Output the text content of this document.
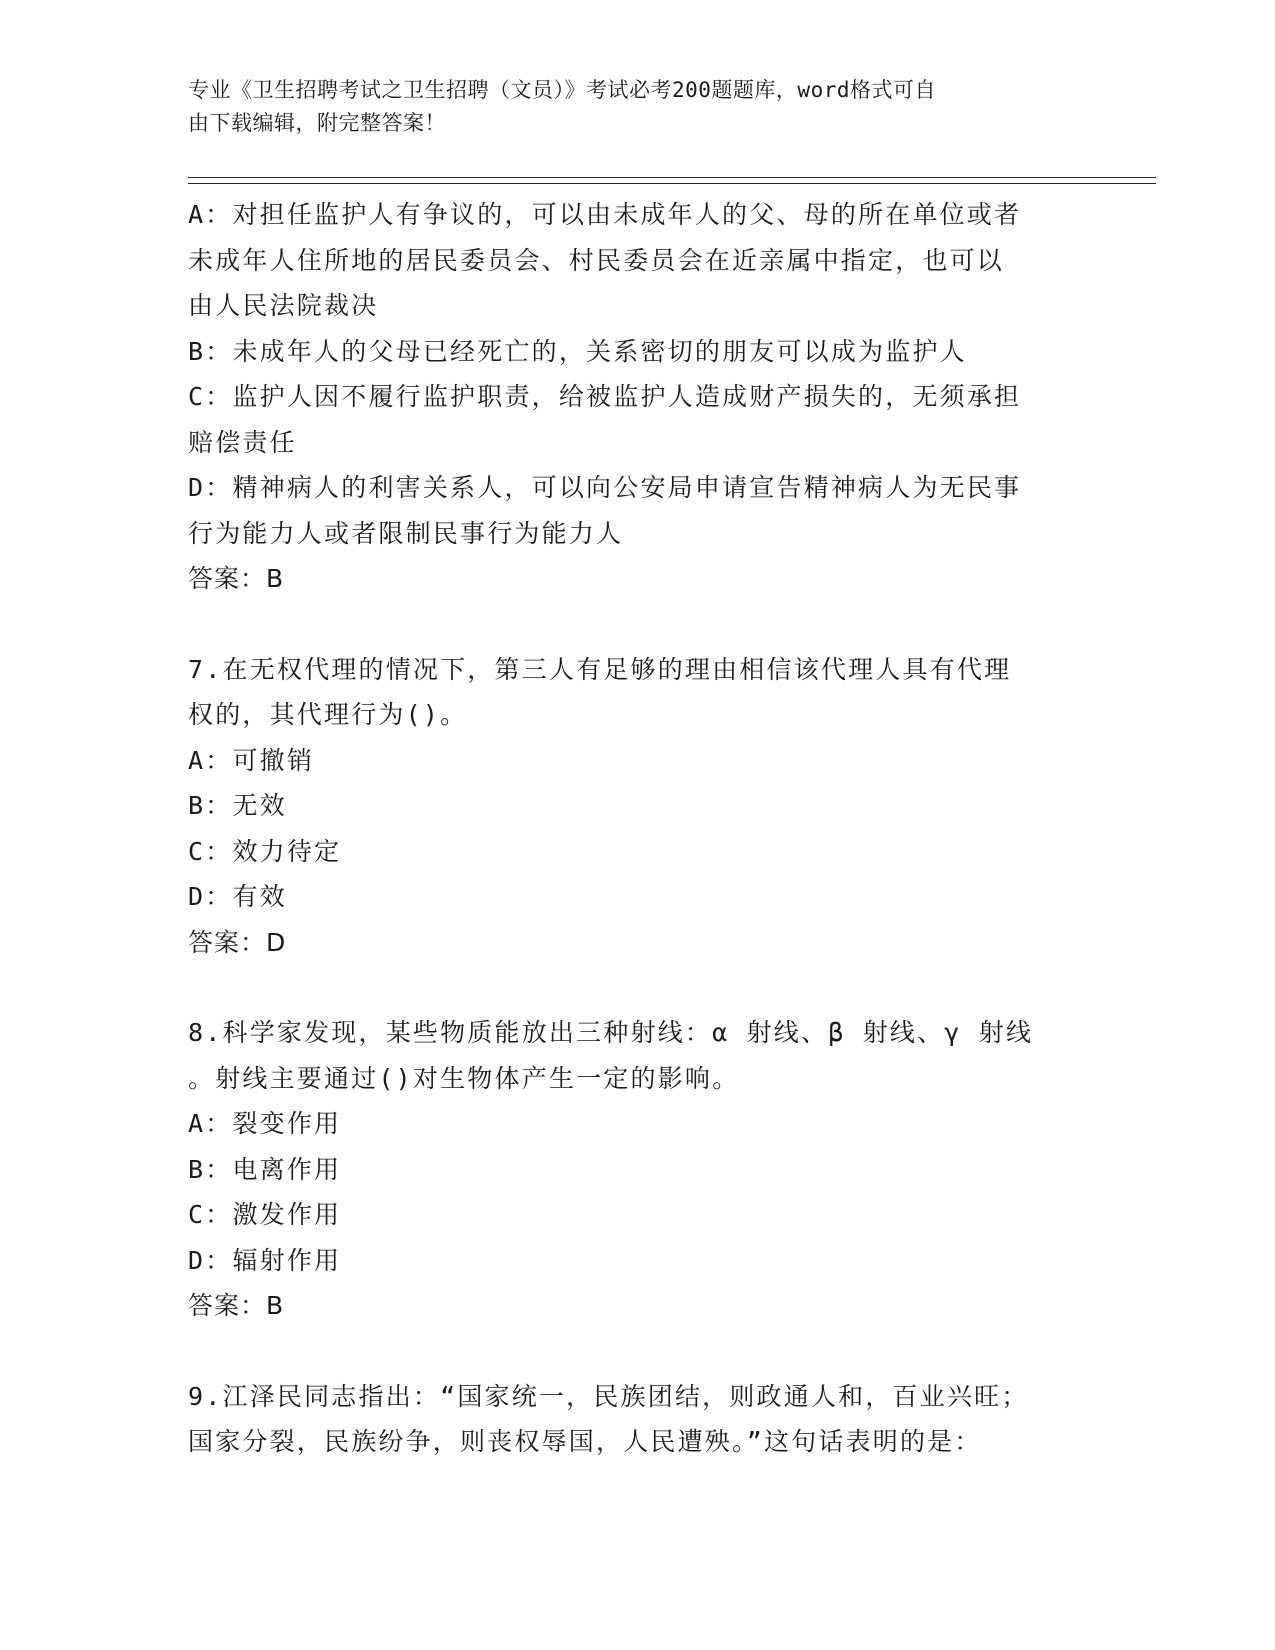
专业《卫生招聘考试之卫生招聘（文员）》考试必考200题题库，word格式可自
由下载编辑，附完整答案！
A：对担任监护人有争议的，可以由未成年人的父、母的所在单位或者
未成年人住所地的居民委员会、村民委员会在近亲属中指定，也可以
由人民法院裁决
B：未成年人的父母已经死亡的，关系密切的朋友可以成为监护人
C：监护人因不履行监护职责，给被监护人造成财产损失的，无须承担
赔偿责任
D：精神病人的利害关系人，可以向公安局申请宣告精神病人为无民事
行为能力人或者限制民事行为能力人
答案：B
7.在无权代理的情况下，第三人有足够的理由相信该代理人具有代理
权的，其代理行为()。
A：可撤销
B：无效
C：效力待定
D：有效
答案：D
8.科学家发现，某些物质能放出三种射线：α 射线、β 射线、γ 射线
。射线主要通过()对生物体产生一定的影响。
A：裂变作用
B：电离作用
C：激发作用
D：辐射作用
答案：B
9.江泽民同志指出：“国家统一，民族团结，则政通人和，百业兴旺；
国家分裂，民族纷争，则丧权辱国，人民遭殃。”这句话表明的是：
